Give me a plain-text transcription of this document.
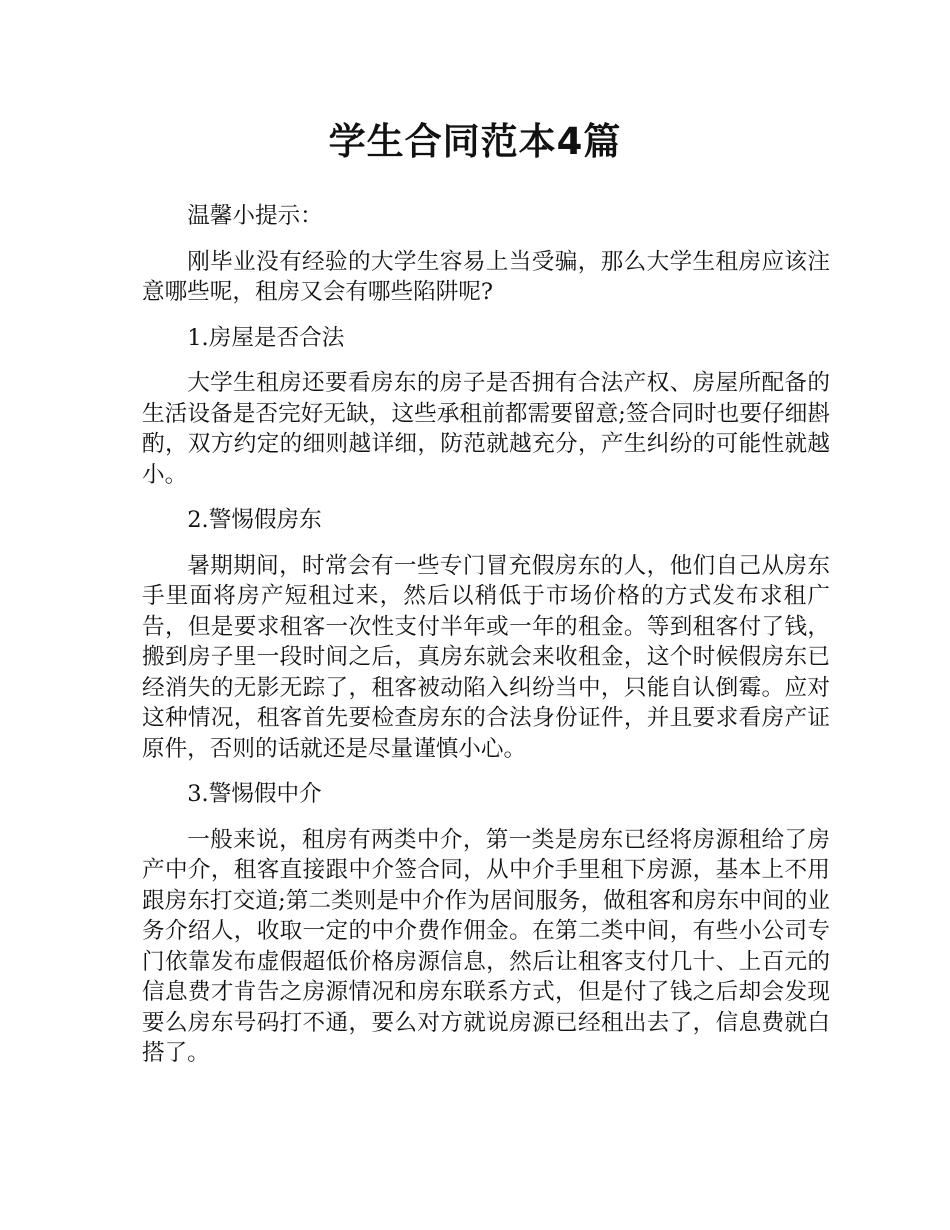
学生合同范本4篇

温馨小提示：

刚毕业没有经验的大学生容易上当受骗，那么大学生租房应该注意哪些呢，租房又会有哪些陷阱呢?

1.房屋是否合法

大学生租房还要看房东的房子是否拥有合法产权、房屋所配备的生活设备是否完好无缺，这些承租前都需要留意;签合同时也要仔细斟酌，双方约定的细则越详细，防范就越充分，产生纠纷的可能性就越小。

2.警惕假房东

暑期期间，时常会有一些专门冒充假房东的人，他们自己从房东手里面将房产短租过来，然后以稍低于市场价格的方式发布求租广告，但是要求租客一次性支付半年或一年的租金。等到租客付了钱，搬到房子里一段时间之后，真房东就会来收租金，这个时候假房东已经消失的无影无踪了，租客被动陷入纠纷当中，只能自认倒霉。应对这种情况，租客首先要检查房东的合法身份证件，并且要求看房产证原件，否则的话就还是尽量谨慎小心。

3.警惕假中介

一般来说，租房有两类中介，第一类是房东已经将房源租给了房产中介，租客直接跟中介签合同，从中介手里租下房源，基本上不用跟房东打交道;第二类则是中介作为居间服务，做租客和房东中间的业务介绍人，收取一定的中介费作佣金。在第二类中间，有些小公司专门依靠发布虚假超低价格房源信息，然后让租客支付几十、上百元的信息费才肯告之房源情况和房东联系方式，但是付了钱之后却会发现要么房东号码打不通，要么对方就说房源已经租出去了，信息费就白搭了。
